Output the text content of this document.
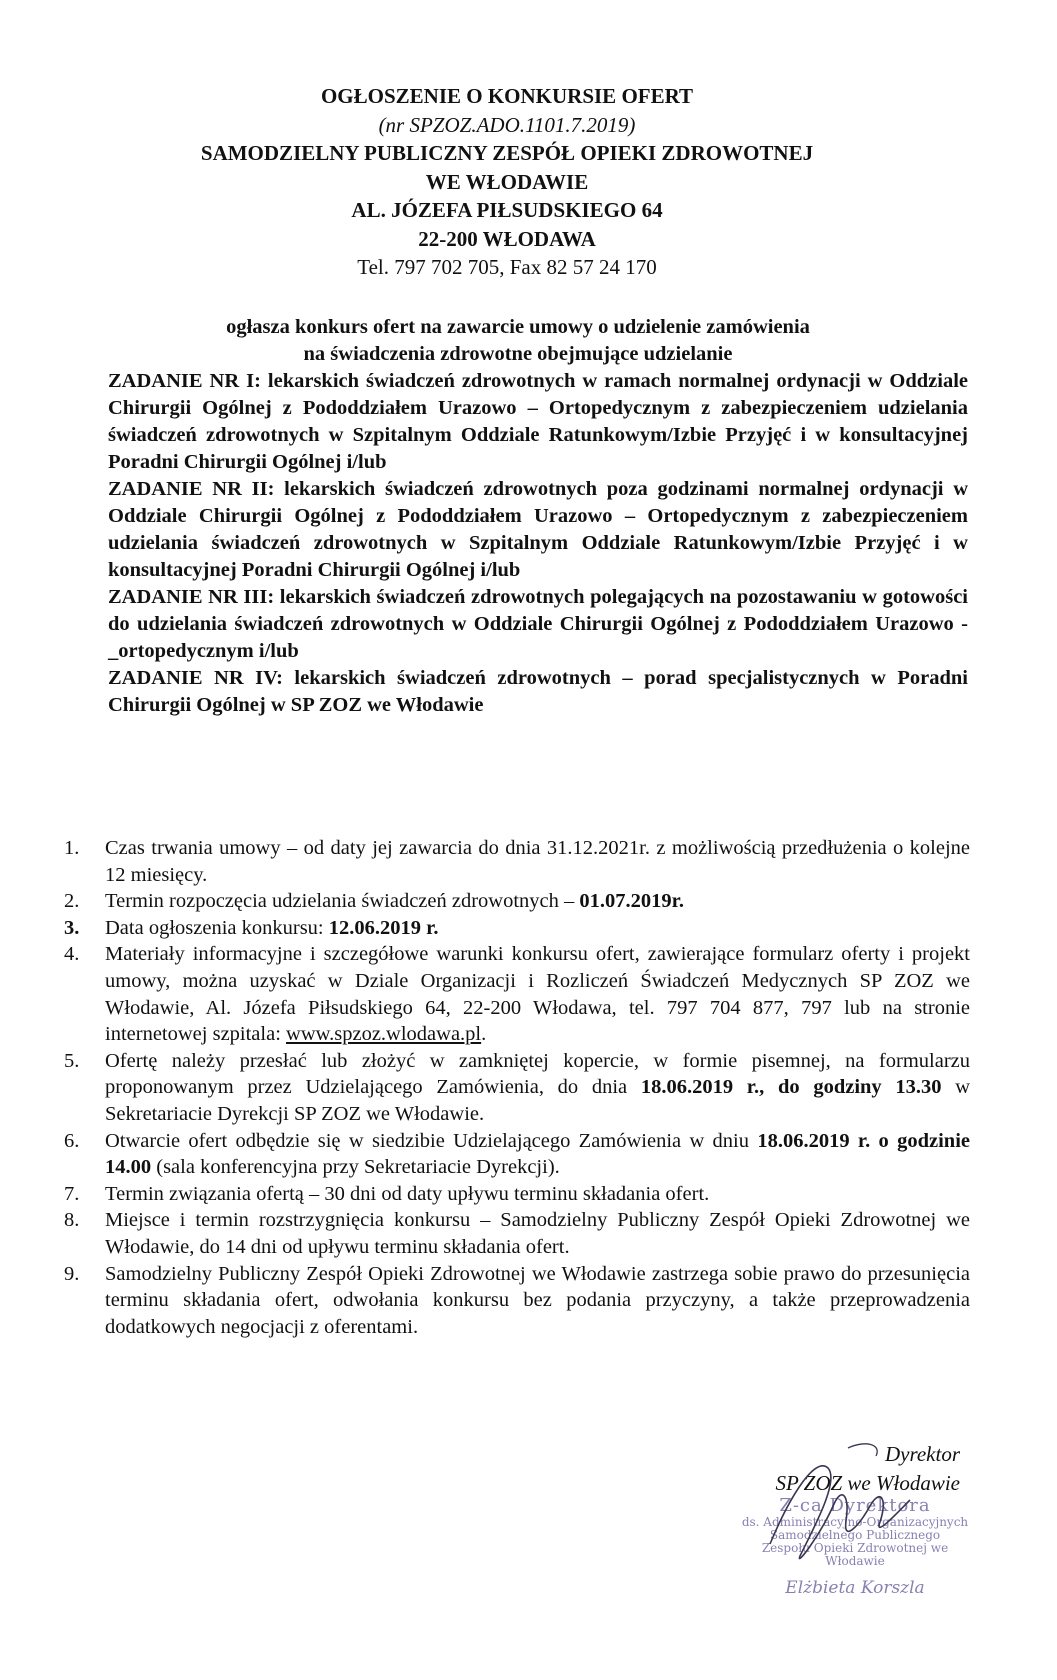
OGŁOSZENIE O KONKURSIE OFERT
(nr SPZOZ.ADO.1101.7.2019)
SAMODZIELNY PUBLICZNY ZESPÓŁ OPIEKI ZDROWOTNEJ
WE WŁODAWIE
AL. JÓZEFA PIŁSUDSKIEGO 64
22-200 WŁODAWA
Tel. 797 702 705, Fax 82 57 24 170
ogłasza konkurs ofert na zawarcie umowy o udzielenie zamówienia
na świadczenia zdrowotne obejmujące udzielanie
ZADANIE NR I: lekarskich świadczeń zdrowotnych w ramach normalnej ordynacji w Oddziale Chirurgii Ogólnej z Pododdziałem Urazowo – Ortopedycznym z zabezpieczeniem udzielania świadczeń zdrowotnych w Szpitalnym Oddziale Ratunkowym/Izbie Przyjęć i w konsultacyjnej Poradni Chirurgii Ogólnej i/lub
ZADANIE NR II: lekarskich świadczeń zdrowotnych poza godzinami normalnej ordynacji w Oddziale Chirurgii Ogólnej z Pododdziałem Urazowo – Ortopedycznym z zabezpieczeniem udzielania świadczeń zdrowotnych w Szpitalnym Oddziale Ratunkowym/Izbie Przyjęć i w konsultacyjnej Poradni Chirurgii Ogólnej i/lub
ZADANIE NR III: lekarskich świadczeń zdrowotnych polegających na pozostawaniu w gotowości do udzielania świadczeń zdrowotnych w Oddziale Chirurgii Ogólnej z Pododdziałem Urazowo - _ortopedycznym i/lub
ZADANIE NR IV: lekarskich świadczeń zdrowotnych – porad specjalistycznych w Poradni Chirurgii Ogólnej w SP ZOZ we Włodawie
1.	Czas trwania umowy – od daty jej zawarcia do dnia 31.12.2021r. z możliwością przedłużenia o kolejne 12 miesięcy.
2.	Termin rozpoczęcia udzielania świadczeń zdrowotnych – 01.07.2019r.
3.	Data ogłoszenia konkursu: 12.06.2019 r.
4.	Materiały informacyjne i szczegółowe warunki konkursu ofert, zawierające formularz oferty i projekt umowy, można uzyskać w Dziale Organizacji i Rozliczeń Świadczeń Medycznych SP ZOZ we Włodawie, Al. Józefa Piłsudskiego 64, 22-200 Włodawa, tel. 797 704 877, 797 lub na stronie internetowej szpitala: www.spzoz.wlodawa.pl.
5.	Ofertę należy przesłać lub złożyć w zamkniętej kopercie, w formie pisemnej, na formularzu proponowanym przez Udzielającego Zamówienia, do dnia 18.06.2019 r., do godziny 13.30 w Sekretariacie Dyrekcji SP ZOZ we Włodawie.
6.	Otwarcie ofert odbędzie się w siedzibie Udzielającego Zamówienia w dniu 18.06.2019 r. o godzinie 14.00 (sala konferencyjna przy Sekretariacie Dyrekcji).
7.	Termin związania ofertą – 30 dni od daty upływu terminu składania ofert.
8.	Miejsce i termin rozstrzygnięcia konkursu – Samodzielny Publiczny Zespół Opieki Zdrowotnej we Włodawie, do 14 dni od upływu terminu składania ofert.
9.	Samodzielny Publiczny Zespół Opieki Zdrowotnej we Włodawie zastrzega sobie prawo do przesunięcia terminu składania ofert, odwołania konkursu bez podania przyczyny, a także przeprowadzenia dodatkowych negocjacji z oferentami.
Dyrektor
SP ZOZ we Włodawie
Z-ca Dyrektora
ds. Administracyjno-Organizacyjnych
Samodzielnego Publicznego
Zespołu Opieki Zdrowotnej we Włodawie
Elżbieta Korszla
